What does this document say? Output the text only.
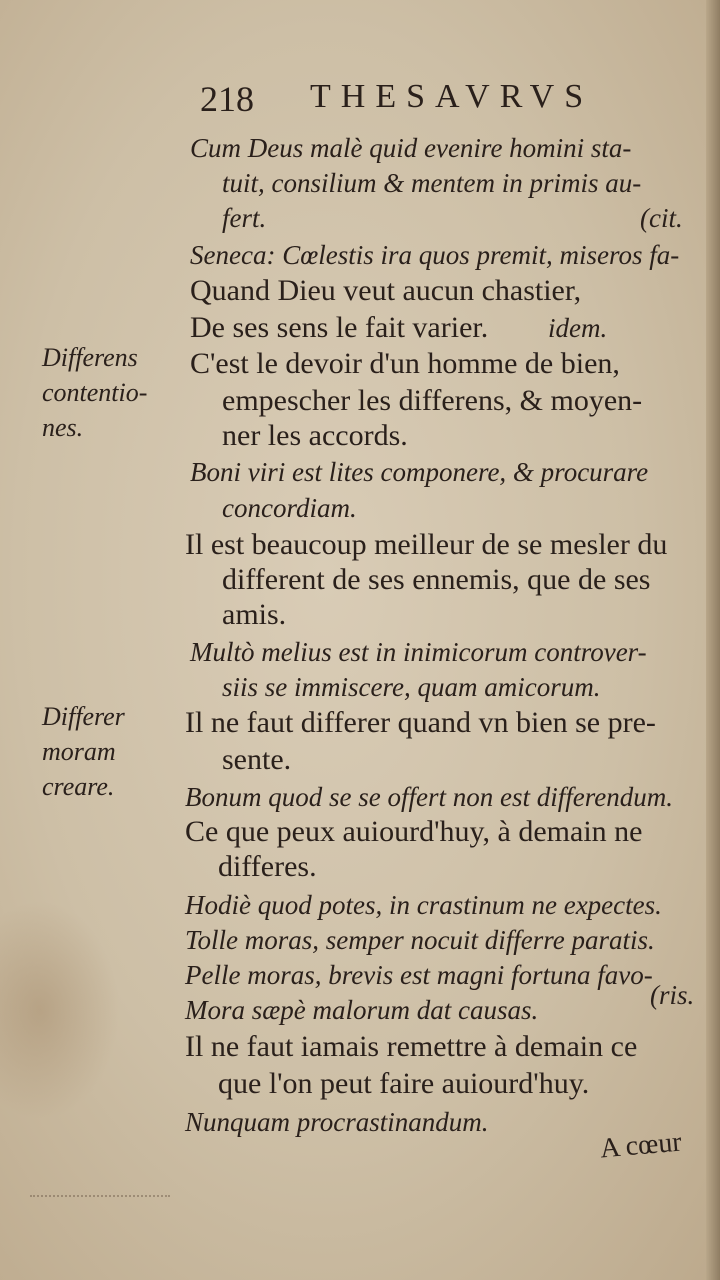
218 THESAVRVS
Differens
contentio-
nes.
Differer
moram
creare.
Cum Deus malè quid evenire homini sta-
tuit, consilium & mentem in primis au-
fert.	(cit.
Seneca: Cœlestis ira quos premit, miseros fa-
Quand Dieu veut aucun chastier,
De ses sens le fait varier. idem.
C'est le devoir d'un homme de bien,
empescher les differens, & moyen-
ner les accords.
Boni viri est lites componere, & procurare
concordiam.
Il est beaucoup meilleur de se mesler du
different de ses ennemis, que de ses
amis.
Multò melius est in inimicorum controver-
siis se immiscere, quam amicorum.
Il ne faut differer quand vn bien se pre-
sente.
Bonum quod se se offert non est differendum.
Ce que peux auiourd'huy, à demain ne
differes.
Hodiè quod potes, in crastinum ne expectes.
Tolle moras, semper nocuit differre paratis.
Pelle moras, brevis est magni fortuna favo-
(ris.
Mora sæpè malorum dat causas.
Il ne faut iamais remettre à demain ce
que l'on peut faire auiourd'huy.
Nunquam procrastinandum.
A cœur
